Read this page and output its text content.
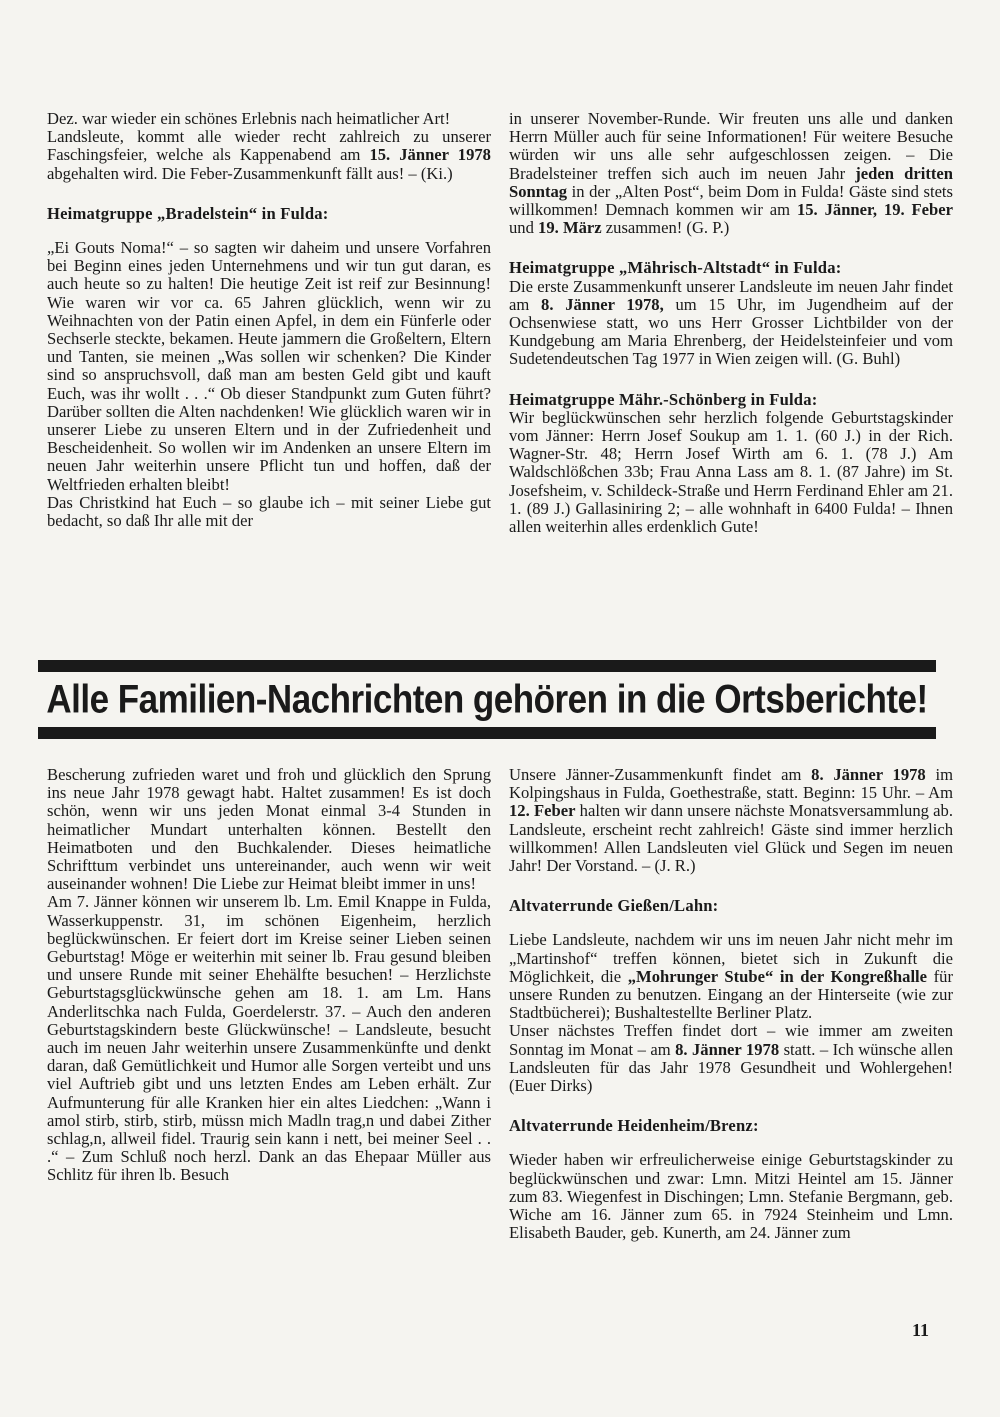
Dez. war wieder ein schönes Erlebnis nach heimatlicher Art!

Landsleute, kommt alle wieder recht zahlreich zu unserer Faschingsfeier, welche als Kappenabend am 15. Jänner 1978 abgehalten wird. Die Feber-Zusammenkunft fällt aus! – (Ki.)

Heimatgruppe „Bradelstein“ in Fulda:

„Ei Gouts Noma!“ – so sagten wir daheim und unsere Vorfahren bei Beginn eines jeden Unternehmens und wir tun gut daran, es auch heute so zu halten! Die heutige Zeit ist reif zur Besinnung! Wie waren wir vor ca. 65 Jahren glücklich, wenn wir zu Weihnachten von der Patin einen Apfel, in dem ein Fünferle oder Sechserle steckte, bekamen. Heute jammern die Großeltern, Eltern und Tanten, sie meinen „Was sollen wir schenken? Die Kinder sind so anspruchsvoll, daß man am besten Geld gibt und kauft Euch, was ihr wollt . . .“ Ob dieser Standpunkt zum Guten führt? Darüber sollten die Alten nachdenken! Wie glücklich waren wir in unserer Liebe zu unseren Eltern und in der Zufriedenheit und Bescheidenheit. So wollen wir im Andenken an unsere Eltern im neuen Jahr weiterhin unsere Pflicht tun und hoffen, daß der Weltfrieden erhalten bleibt!

Das Christkind hat Euch – so glaube ich – mit seiner Liebe gut bedacht, so daß Ihr alle mit der

in unserer November-Runde. Wir freuten uns alle und danken Herrn Müller auch für seine Informationen! Für weitere Besuche würden wir uns alle sehr aufgeschlossen zeigen. – Die Bradelsteiner treffen sich auch im neuen Jahr jeden dritten Sonntag in der „Alten Post“, beim Dom in Fulda! Gäste sind stets willkommen! Demnach kommen wir am 15. Jänner, 19. Feber und 19. März zusammen! (G. P.)

Heimatgruppe „Mährisch-Altstadt“ in Fulda:

Die erste Zusammenkunft unserer Landsleute im neuen Jahr findet am 8. Jänner 1978, um 15 Uhr, im Jugendheim auf der Ochsenwiese statt, wo uns Herr Grosser Lichtbilder von der Kundgebung am Maria Ehrenberg, der Heidelsteinfeier und vom Sudetendeutschen Tag 1977 in Wien zeigen will. (G. Buhl)

Heimatgruppe Mähr.-Schönberg in Fulda:

Wir beglückwünschen sehr herzlich folgende Geburtstagskinder vom Jänner: Herrn Josef Soukup am 1. 1. (60 J.) in der Rich. Wagner-Str. 48; Herrn Josef Wirth am 6. 1. (78 J.) Am Waldschlößchen 33b; Frau Anna Lass am 8. 1. (87 Jahre) im St. Josefsheim, v. Schildeck-Straße und Herrn Ferdinand Ehler am 21. 1. (89 J.) Gallasiniring 2; – alle wohnhaft in 6400 Fulda! – Ihnen allen weiterhin alles erdenklich Gute!

Alle Familien-Nachrichten gehören in die Ortsberichte!

Bescherung zufrieden waret und froh und glücklich den Sprung ins neue Jahr 1978 gewagt habt. Haltet zusammen! Es ist doch schön, wenn wir uns jeden Monat einmal 3-4 Stunden in heimatlicher Mundart unterhalten können. Bestellt den Heimatboten und den Buchkalender. Dieses heimatliche Schrifttum verbindet uns untereinander, auch wenn wir weit auseinander wohnen! Die Liebe zur Heimat bleibt immer in uns!

Am 7. Jänner können wir unserem lb. Lm. Emil Knappe in Fulda, Wasserkuppenstr. 31, im schönen Eigenheim, herzlich beglückwünschen. Er feiert dort im Kreise seiner Lieben seinen Geburtstag! Möge er weiterhin mit seiner lb. Frau gesund bleiben und unsere Runde mit seiner Ehehälfte besuchen! – Herzlichste Geburtstagsglückwünsche gehen am 18. 1. am Lm. Hans Anderlitschka nach Fulda, Goerdelerstr. 37. – Auch den anderen Geburtstagskindern beste Glückwünsche! – Landsleute, besucht auch im neuen Jahr weiterhin unsere Zusammenkünfte und denkt daran, daß Gemütlichkeit und Humor alle Sorgen verteibt und uns viel Auftrieb gibt und uns letzten Endes am Leben erhält. Zur Aufmunterung für alle Kranken hier ein altes Liedchen: „Wann i amol stirb, stirb, stirb, müssn mich Madln trag,n und dabei Zither schlag,n, allweil fidel. Traurig sein kann i nett, bei meiner Seel . . .“ – Zum Schluß noch herzl. Dank an das Ehepaar Müller aus Schlitz für ihren lb. Besuch

Unsere Jänner-Zusammenkunft findet am 8. Jänner 1978 im Kolpingshaus in Fulda, Goethestraße, statt. Beginn: 15 Uhr. – Am 12. Feber halten wir dann unsere nächste Monatsversammlung ab. Landsleute, erscheint recht zahlreich! Gäste sind immer herzlich willkommen! Allen Landsleuten viel Glück und Segen im neuen Jahr! Der Vorstand. – (J. R.)

Altvaterrunde Gießen/Lahn:

Liebe Landsleute, nachdem wir uns im neuen Jahr nicht mehr im „Martinshof“ treffen können, bietet sich in Zukunft die Möglichkeit, die „Mohrunger Stube“ in der Kongreßhalle für unsere Runden zu benutzen. Eingang an der Hinterseite (wie zur Stadtbücherei); Bushaltestellte Berliner Platz.

Unser nächstes Treffen findet dort – wie immer am zweiten Sonntag im Monat – am 8. Jänner 1978 statt. – Ich wünsche allen Landsleuten für das Jahr 1978 Gesundheit und Wohlergehen! (Euer Dirks)

Altvaterrunde Heidenheim/Brenz:

Wieder haben wir erfreulicherweise einige Geburtstagskinder zu beglückwünschen und zwar: Lmn. Mitzi Heintel am 15. Jänner zum 83. Wiegenfest in Dischingen; Lmn. Stefanie Bergmann, geb. Wiche am 16. Jänner zum 65. in 7924 Steinheim und Lmn. Elisabeth Bauder, geb. Kunerth, am 24. Jänner zum

11
